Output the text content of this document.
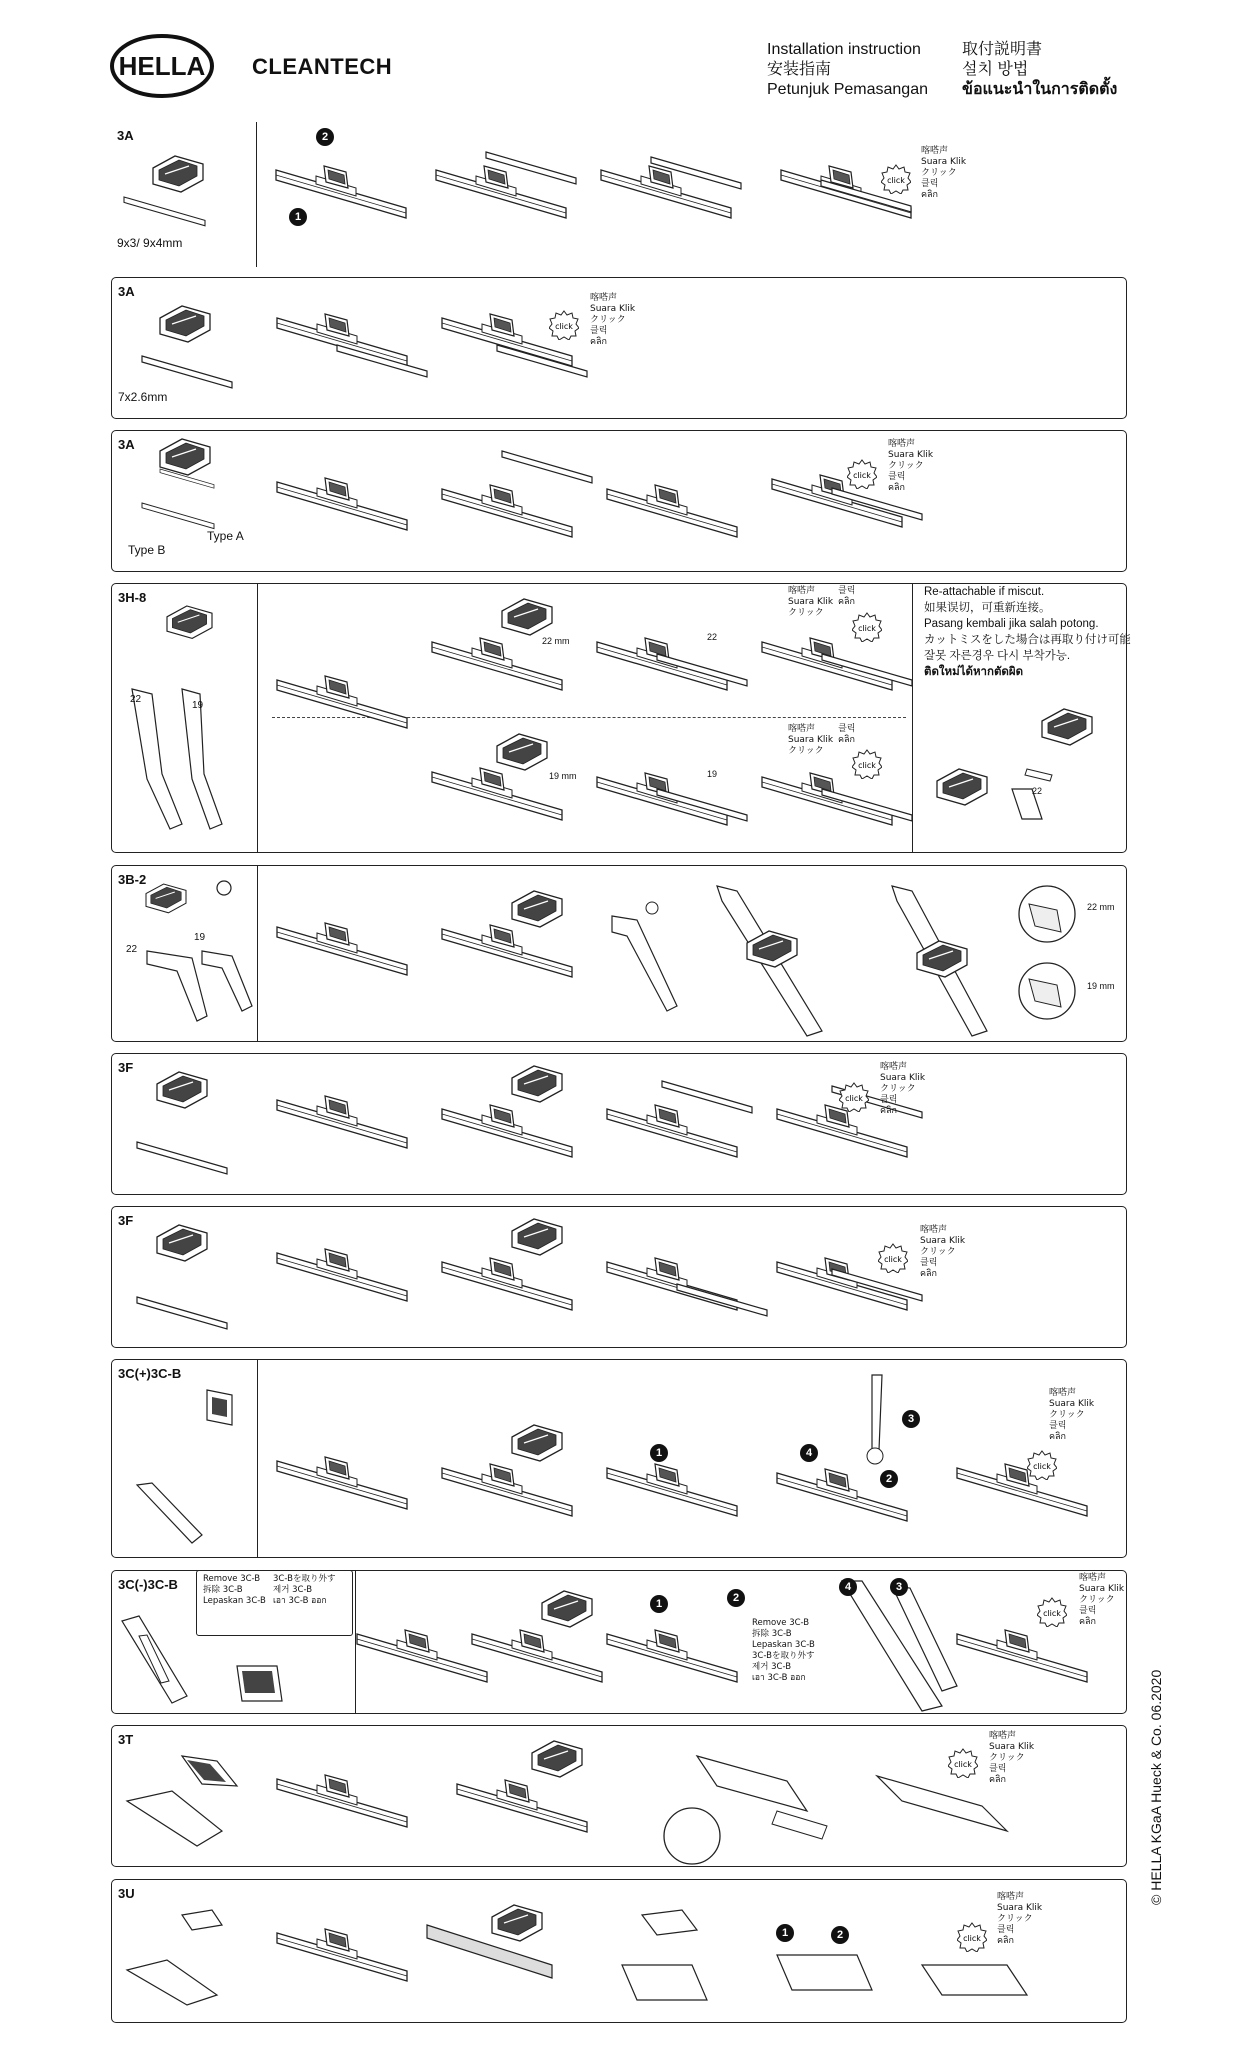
HELLA CLEANTECH
Installation instruction
安装指南
Petunjuk Pemasangan
取付説明書
설치 방법
ข้อแนะนำในการติดตั้ง
© HELLA KGaA Hueck & Co. 06.2020
3A
9x3/ 9x4mm
1
2
click
喀嗒声
Suara Klik
クリック
클릭
คลิก
3A
7x2.6mm
click
喀嗒声
Suara Klik
クリック
클릭
คลิก
3A
Type A
Type B
click
喀嗒声
Suara Klik
クリック
클릭
คลิก
3H-8
22
19
22 mm	22
click
喀嗒声
Suara Klik
クリック
클릭
คลิก
19 mm	19
click
喀嗒声
Suara Klik
クリック
클릭
คลิก
22
Re-attachable if miscut.
如果误切，可重新连接。
Pasang kembali jika salah potong.
カットミスをした場合は再取り付け可能
잘못 자른경우 다시 부착가능.
ติดใหม่ได้หากตัดผิด
3B-2
22
19
22 mm
19 mm
3F
click
喀嗒声
Suara Klik
クリック
클릭
คลิก
3F
click
喀嗒声
Suara Klik
クリック
클릭
คลิก
3C(+)3C-B
1	4
2
3
click
喀嗒声
Suara Klik
クリック
클릭
คลิก
3C(-)3C-B
1	2
4	3
click
喀嗒声
Suara Klik
クリック
클릭
คลิก
Remove 3C-B
拆除 3C-B
Lepaskan 3C-B
3C-Bを取り外す
제거 3C-B
เอา 3C-B ออก
Remove 3C-B
拆除 3C-B
Lepaskan 3C-B
3C-Bを取り外す
제거 3C-B
เอา 3C-B ออก
3T
click
喀嗒声
Suara Klik
クリック
클릭
คลิก
3U
1	2	click
喀嗒声
Suara Klik
クリック
클릭
คลิก
